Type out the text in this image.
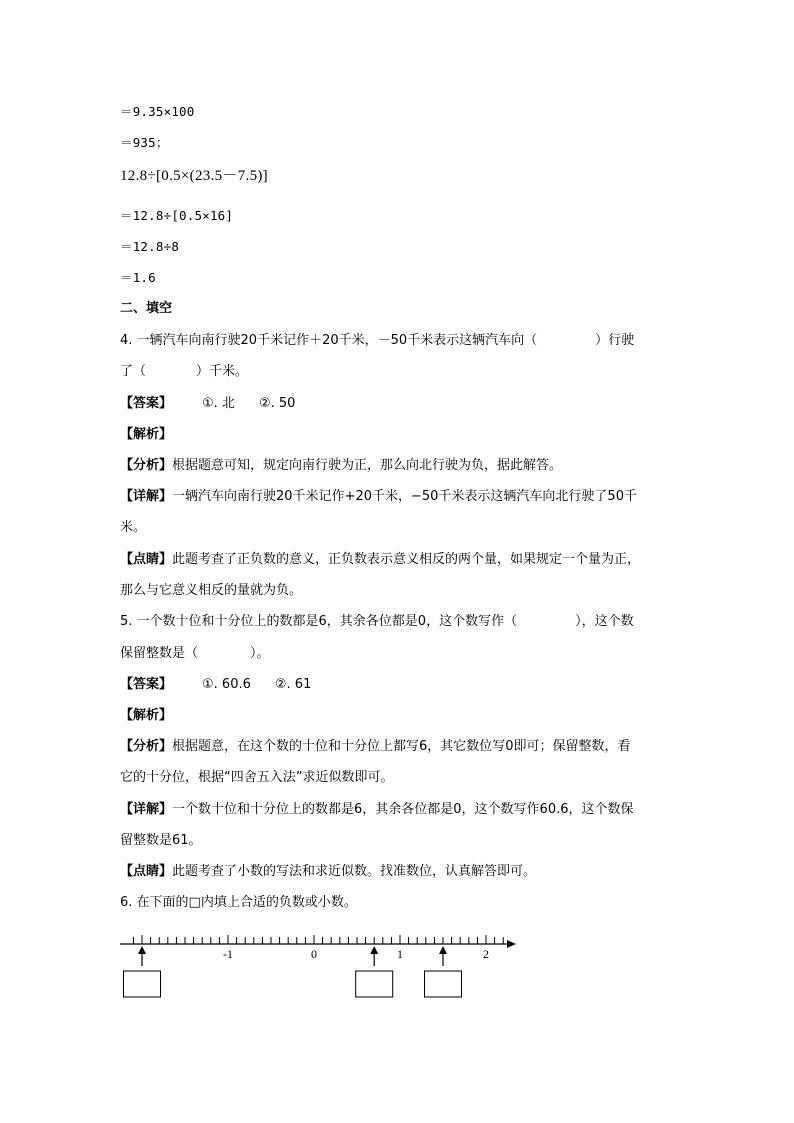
＝9.35×100
＝935；
12.8÷[0.5×(23.5－7.5)]
＝12.8÷[0.5×16]
＝12.8÷8
＝1.6
二、填空
4. 一辆汽车向南行驶20千米记作＋20千米，－50千米表示这辆汽车向（	）行驶
了（	）千米。
【答案】 ①. 北 ②. 50
【解析】
【分析】根据题意可知，规定向南行驶为正，那么向北行驶为负，据此解答。
【详解】一辆汽车向南行驶20千米记作+20千米，−50千米表示这辆汽车向北行驶了50千
米。
【点睛】此题考查了正负数的意义，正负数表示意义相反的两个量，如果规定一个量为正，
那么与它意义相反的量就为负。
5. 一个数十位和十分位上的数都是6，其余各位都是0，这个数写作（	），这个数
保留整数是（	）。
【答案】 ①. 60.6 ②. 61
【解析】
【分析】根据题意，在这个数的十位和十分位上都写6，其它数位写0即可；保留整数，看
它的十分位，根据“四舍五入法”求近似数即可。
【详解】一个数十位和十分位上的数都是6，其余各位都是0，这个数写作60.6，这个数保
留整数是61。
【点睛】此题考查了小数的写法和求近似数。找准数位，认真解答即可。
6. 在下面的□内填上合适的负数或小数。
-1	0	1	2
